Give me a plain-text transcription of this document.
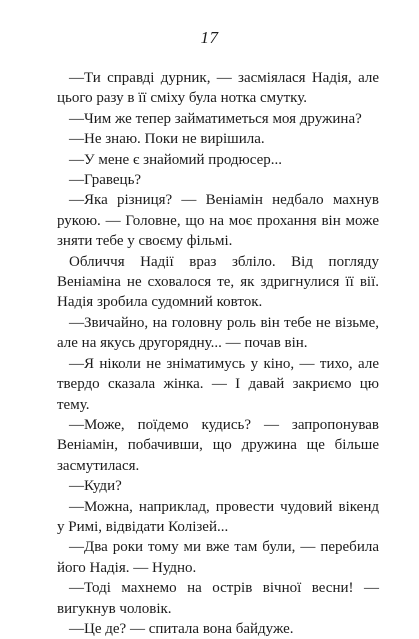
17

—Ти справді дурник, — засміялася Надія, але цього разу в її сміху була нотка смутку.

—Чим же тепер займатиметься моя дружина?

—Не знаю. Поки не вирішила.

—У мене є знайомий продюсер...

—Гравець?

—Яка різниця? — Веніамін недбало махнув рукою. — Головне, що на моє прохання він може зняти тебе у своєму фільмі.

Обличчя Надії враз збліло. Від погляду Веніаміна не сховалося те, як здригнулися її вії. Надія зробила судомний ковток.

—Звичайно, на головну роль він тебе не візьме, але на якусь другорядну... — почав він.

—Я ніколи не зніматимусь у кіно, — тихо, але твердо сказала жінка. — І давай закриємо цю тему.

—Може, поїдемо кудись? — запропонував Веніамін, побачивши, що дружина ще більше засмутилася.

—Куди?

—Можна, наприклад, провести чудовий вікенд у Римі, відвідати Колізей...

—Два роки тому ми вже там були, — перебила його Надія. — Нудно.

—Тоді махнемо на острів вічної весни! — вигукнув чоловік.

—Це де? — спитала вона байдуже.
